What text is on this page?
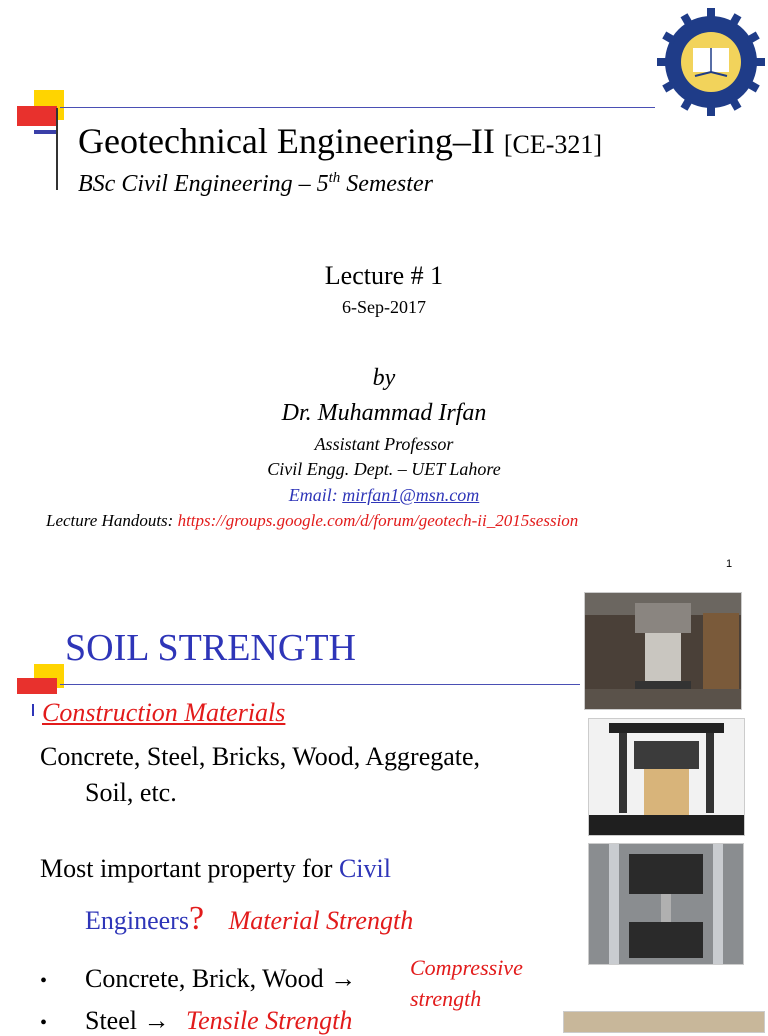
Geotechnical Engineering–II [CE-321]
BSc Civil Engineering – 5th Semester
Lecture # 1
6-Sep-2017
by
Dr. Muhammad Irfan
Assistant Professor
Civil Engg. Dept. – UET Lahore
Email: mirfan1@msn.com
Lecture Handouts: https://groups.google.com/d/forum/geotech-ii_2015session
1
SOIL STRENGTH
Construction Materials
Concrete, Steel, Bricks, Wood, Aggregate,
Soil, etc.
Most important property for Civil
Engineers? Material Strength
• Concrete, Brick, Wood → Compressive
strength
• Steel → Tensile Strength
